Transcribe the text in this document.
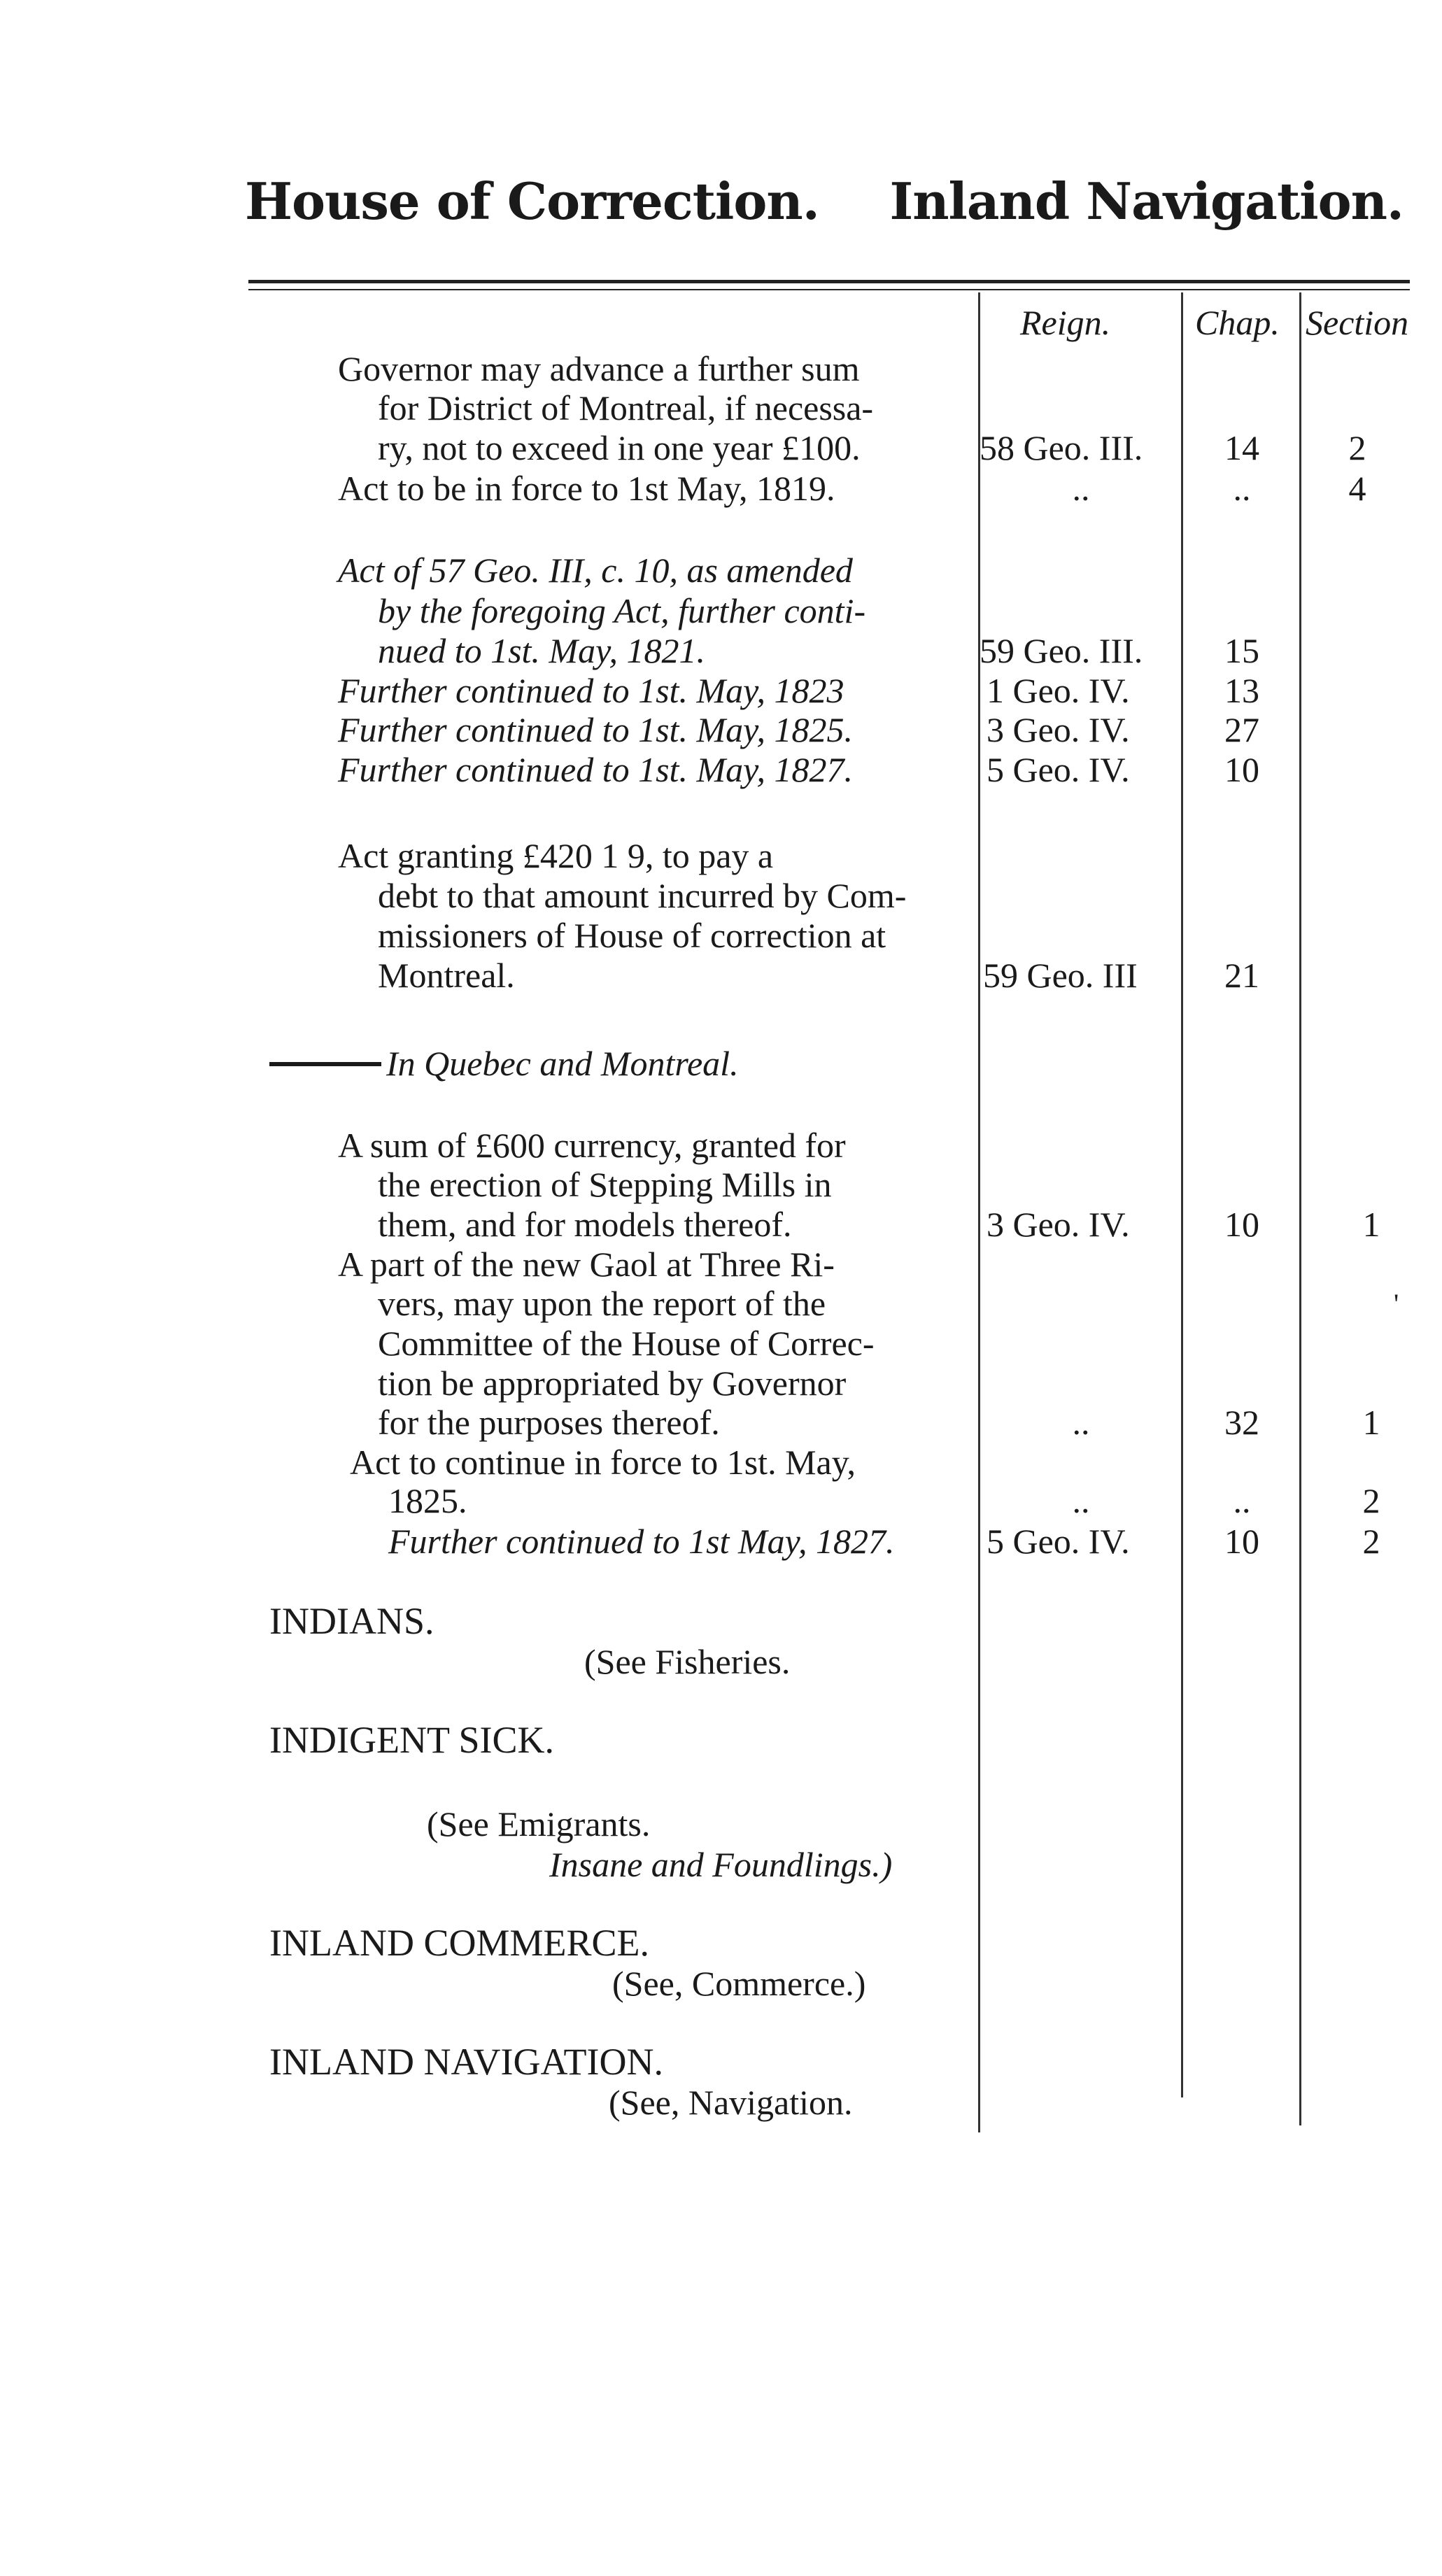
House of Correction. Inland Navigation.
Reign. Chap. Section
Governor may advance a further sum
for District of Montreal, if necessa-
ry, not to exceed in one year £100.	58 Geo. III.	14	2
Act to be in force to 1st May, 1819.	..	..	4
Act of 57 Geo. III, c. 10, as amended
by the foregoing Act, further conti-
nued to 1st. May, 1821.	59 Geo. III.	15
Further continued to 1st. May, 1823	1 Geo. IV.	13
Further continued to 1st. May, 1825.	3 Geo. IV.	27
Further continued to 1st. May, 1827.	5 Geo. IV.	10
Act granting £420 1 9, to pay a
debt to that amount incurred by Com-
missioners of House of correction at
Montreal.	59 Geo. III	21
In Quebec and Montreal.
A sum of £600 currency, granted for
the erection of Stepping Mills in
them, and for models thereof.	3 Geo. IV.	10	1
A part of the new Gaol at Three Ri-
vers, may upon the report of the
Committee of the House of Correc-
tion be appropriated by Governor
for the purposes thereof.	..	32	1
'
Act to continue in force to 1st. May,
1825.	..	..	2
Further continued to 1st May, 1827.	5 Geo. IV.	10	2
INDIANS.
(See Fisheries.
INDIGENT SICK.
(See Emigrants.
Insane and Foundlings.)
INLAND COMMERCE.
(See, Commerce.)
INLAND NAVIGATION.
(See, Navigation.
